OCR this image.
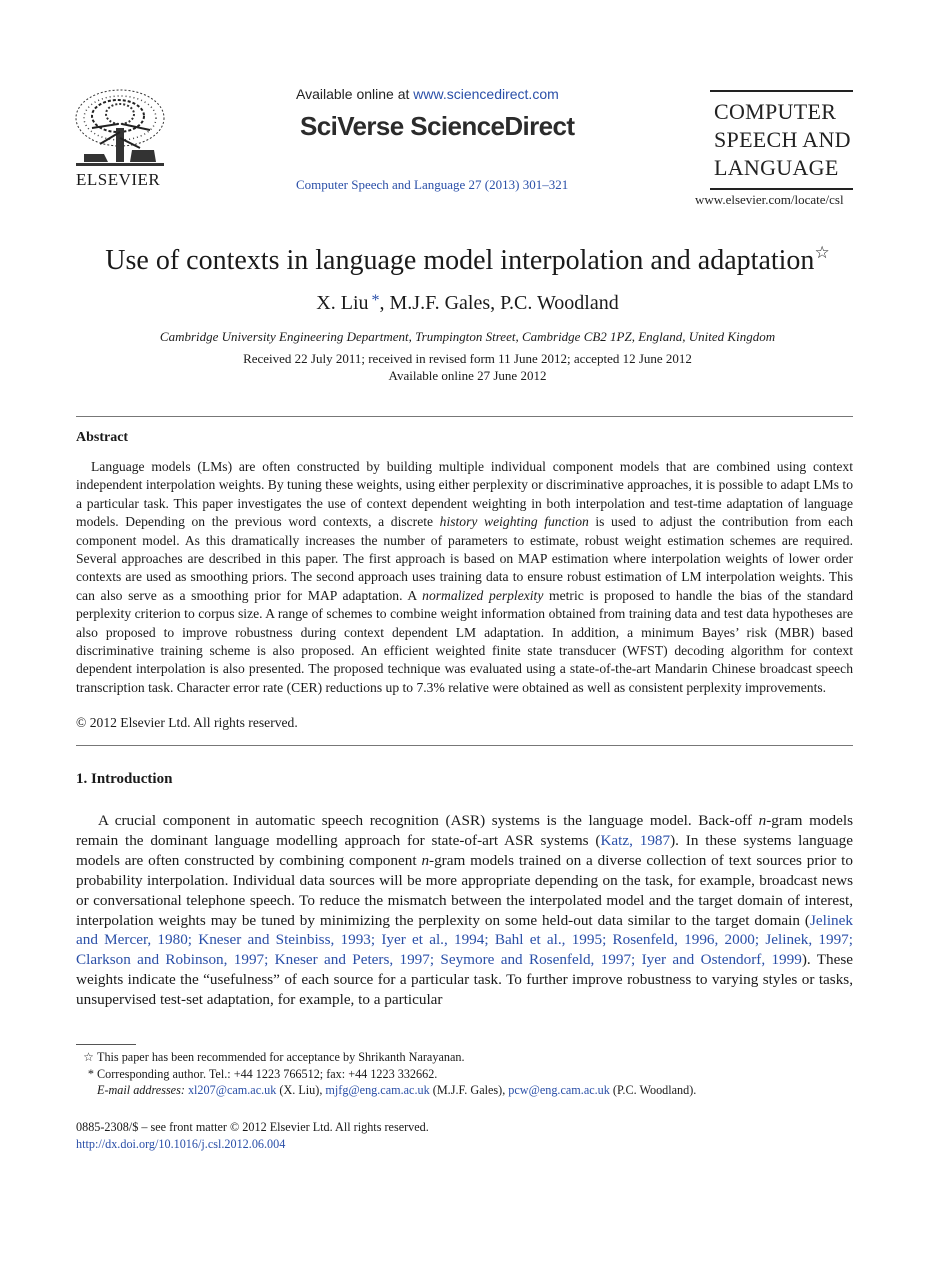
ELSEVIER
Available online at www.sciencedirect.com
SciVerse ScienceDirect
Computer Speech and Language 27 (2013) 301–321
COMPUTER
SPEECH AND
LANGUAGE
www.elsevier.com/locate/csl
Use of contexts in language model interpolation and adaptation☆
X. Liu *, M.J.F. Gales, P.C. Woodland
Cambridge University Engineering Department, Trumpington Street, Cambridge CB2 1PZ, England, United Kingdom
Received 22 July 2011; received in revised form 11 June 2012; accepted 12 June 2012
Available online 27 June 2012
Abstract

Language models (LMs) are often constructed by building multiple individual component models that are combined using context independent interpolation weights. By tuning these weights, using either perplexity or discriminative approaches, it is possible to adapt LMs to a particular task. This paper investigates the use of context dependent weighting in both interpolation and test-time adaptation of language models. Depending on the previous word contexts, a discrete history weighting function is used to adjust the contribution from each component model. As this dramatically increases the number of parameters to estimate, robust weight estimation schemes are required. Several approaches are described in this paper. The first approach is based on MAP estimation where interpolation weights of lower order contexts are used as smoothing priors. The second approach uses training data to ensure robust estimation of LM interpolation weights. This can also serve as a smoothing prior for MAP adaptation. A normalized perplexity metric is proposed to handle the bias of the standard perplexity criterion to corpus size. A range of schemes to combine weight information obtained from training data and test data hypotheses are also proposed to improve robustness during context dependent LM adaptation. In addition, a minimum Bayes’ risk (MBR) based discriminative training scheme is also proposed. An efficient weighted finite state transducer (WFST) decoding algorithm for context dependent interpolation is also presented. The proposed technique was evaluated using a state-of-the-art Mandarin Chinese broadcast speech transcription task. Character error rate (CER) reductions up to 7.3% relative were obtained as well as consistent perplexity improvements.

© 2012 Elsevier Ltd. All rights reserved.
1. Introduction
A crucial component in automatic speech recognition (ASR) systems is the language model. Back-off n-gram models remain the dominant language modelling approach for state-of-art ASR systems (Katz, 1987). In these systems language models are often constructed by combining component n-gram models trained on a diverse collection of text sources prior to probability interpolation. Individual data sources will be more appropriate depending on the task, for example, broadcast news or conversational telephone speech. To reduce the mismatch between the interpolated model and the target domain of interest, interpolation weights may be tuned by minimizing the perplexity on some held-out data similar to the target domain (Jelinek and Mercer, 1980; Kneser and Steinbiss, 1993; Iyer et al., 1994; Bahl et al., 1995; Rosenfeld, 1996, 2000; Jelinek, 1997; Clarkson and Robinson, 1997; Kneser and Peters, 1997; Seymore and Rosenfeld, 1997; Iyer and Ostendorf, 1999). These weights indicate the “usefulness” of each source for a particular task. To further improve robustness to varying styles or tasks, unsupervised test-set adaptation, for example, to a particular
☆ This paper has been recommended for acceptance by Shrikanth Narayanan.
* Corresponding author. Tel.: +44 1223 766512; fax: +44 1223 332662.
E-mail addresses: xl207@cam.ac.uk (X. Liu), mjfg@eng.cam.ac.uk (M.J.F. Gales), pcw@eng.cam.ac.uk (P.C. Woodland).
0885-2308/$ – see front matter © 2012 Elsevier Ltd. All rights reserved.
http://dx.doi.org/10.1016/j.csl.2012.06.004
